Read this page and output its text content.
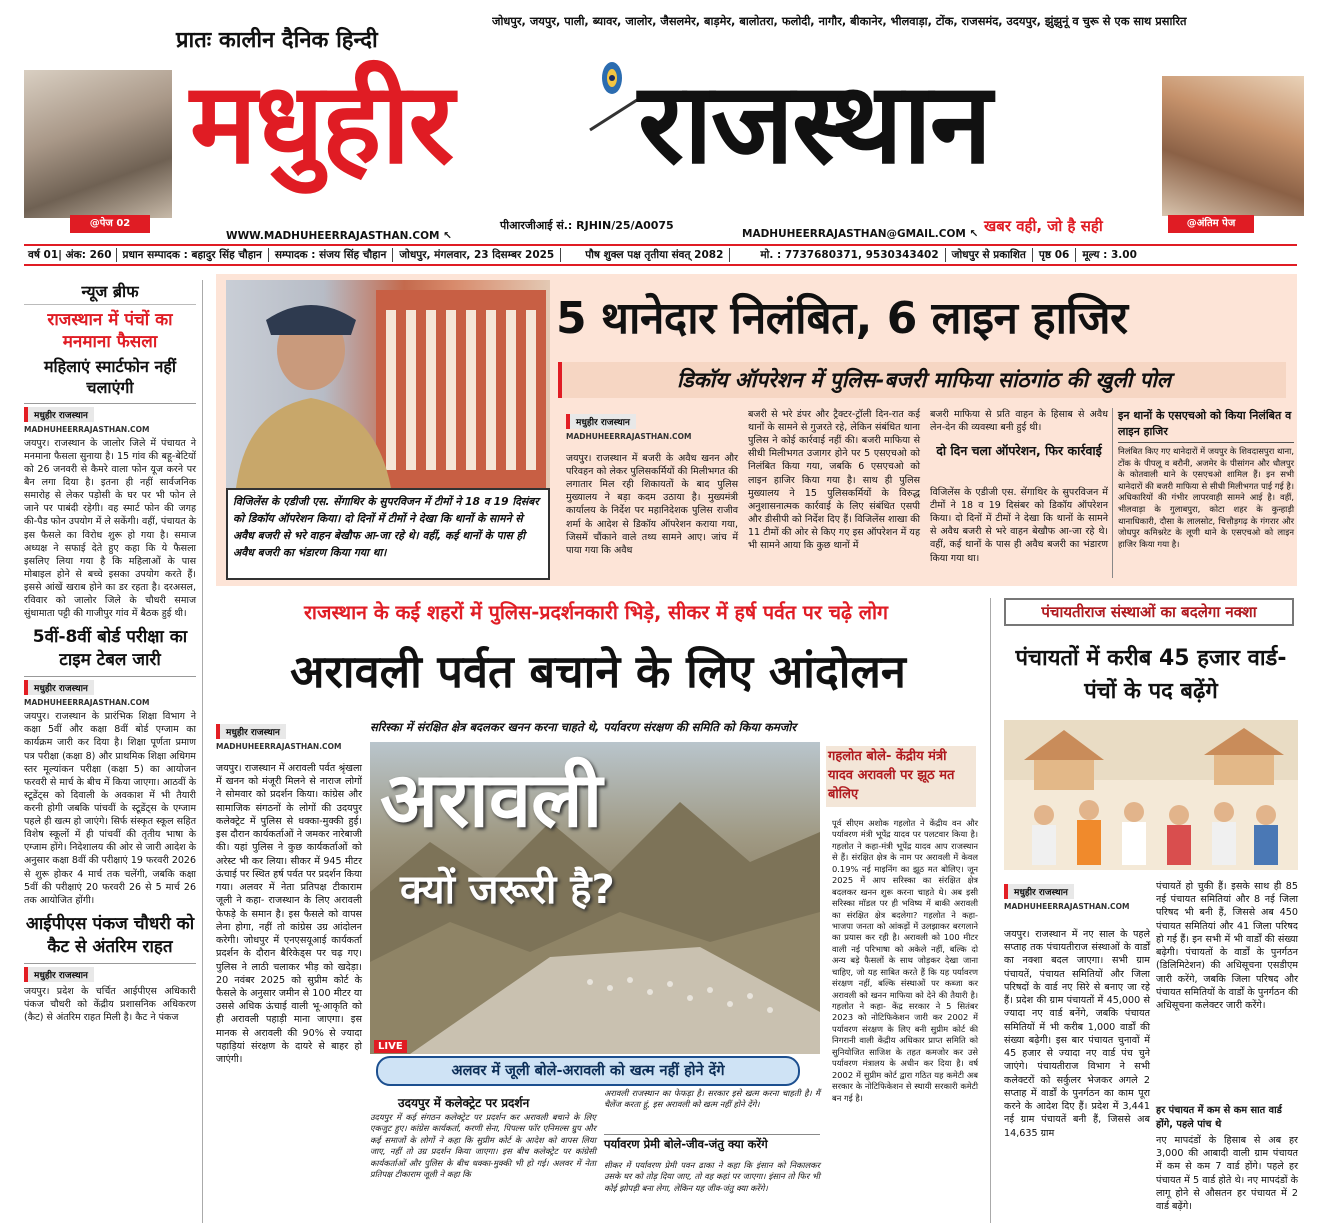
@पेज 02
प्रातः कालीन दैनिक हिन्दी
मधुहीर राजस्थान
जोधपुर, जयपुर, पाली, ब्यावर, जालोर, जैसलमेर, बाड़मेर, बालोतरा, फलोदी, नागौर, बीकानेर, भीलवाड़ा, टोंक, राजसमंद, उदयपुर, झुंझुनूं व चुरू से एक साथ प्रसारित
@अंतिम पेज
पीआरजीआई सं.: RJHIN/25/A0075
WWW.MADHUHEERRAJASTHAN.COM ↖	MADHUHEERRAJASTHAN@GMAIL.COM ↖ खबर वही, जो है सही
वर्ष 01| अंक: 260	प्रधान सम्पादक : बहादुर सिंह चौहान	सम्पादक : संजय सिंह चौहान	जोधपुर, मंगलवार, 23 दिसम्बर 2025	पौष शुक्ल पक्ष तृतीया संवत् 2082	मो. : 7737680371, 9530343402	जोधपुर से प्रकाशित	पृष्ठ 06	मूल्य : 3.00
न्यूज ब्रीफ
राजस्थान में पंचों का मनमाना फैसला
महिलाएं स्मार्टफोन नहीं चलाएंगी
मधुहीर राजस्थान
MADHUHEERRAJASTHAN.COM
जयपुर। राजस्थान के जालोर जिले में पंचायत ने मनमाना फैसला सुनाया है। 15 गांव की बहू-बेटियों को 26 जनवरी से कैमरे वाला फोन यूज करने पर बैन लगा दिया है। इतना ही नहीं सार्वजनिक समारोह से लेकर पड़ोसी के घर पर भी फोन ले जाने पर पाबंदी रहेगी। वह स्मार्ट फोन की जगह की-पैड फोन उपयोग में ले सकेंगी। वहीं, पंचायत के इस फैसले का विरोध शुरू हो गया है। समाज अध्यक्ष ने सफाई देते हुए कहा कि ये फैसला इसलिए लिया गया है कि महिलाओं के पास मोबाइल होने से बच्चे इसका उपयोग करते हैं। इससे आंखें खराब होने का डर रहता है। दरअसल, रविवार को जालोर जिले के चौधरी समाज सुंधामाता पट्टी की गाजीपुर गांव में बैठक हुई थी।
5वीं-8वीं बोर्ड परीक्षा का टाइम टेबल जारी
मधुहीर राजस्थान
MADHUHEERRAJASTHAN.COM
जयपुर। राजस्थान के प्रारंभिक शिक्षा विभाग ने कक्षा 5वीं और कक्षा 8वीं बोर्ड एग्जाम का कार्यक्रम जारी कर दिया है। शिक्षा पूर्णता प्रमाण पत्र परीक्षा (कक्षा 8) और प्राथमिक शिक्षा अधिगम स्तर मूल्यांकन परीक्षा (कक्षा 5) का आयोजन फरवरी से मार्च के बीच में किया जाएगा। आठवीं के स्टूडेंट्स को दिवाली के अवकाश में भी तैयारी करनी होगी जबकि पांचवीं के स्टूडेंट्स के एग्जाम पहले ही खत्म हो जाएंगे। सिर्फ संस्कृत स्कूल सहित विशेष स्कूलों में ही पांचवीं की तृतीय भाषा के एग्जाम होंगे। निदेशालय की ओर से जारी आदेश के अनुसार कक्षा 8वीं की परीक्षाएं 19 फरवरी 2026 से शुरू होकर 4 मार्च तक चलेंगी, जबकि कक्षा 5वीं की परीक्षाएं 20 फरवरी 26 से 5 मार्च 26 तक आयोजित होंगी।
आईपीएस पंकज चौधरी को कैट से अंतरिम राहत
मधुहीर राजस्थान
जयपुर। प्रदेश के चर्चित आईपीएस अधिकारी पंकज चौधरी को केंद्रीय प्रशासनिक अधिकरण (कैट) से अंतरिम राहत मिली है। कैट ने पंकज
5 थानेदार निलंबित, 6 लाइन हाजिर
डिकॉय ऑपरेशन में पुलिस-बजरी माफिया सांठगांठ की खुली पोल
विजिलेंस के एडीजी एस. सेंगाथिर के सुपरविजन में टीमों ने 18 व 19 दिसंबर को डिकॉय ऑपरेशन किया। दो दिनों में टीमों ने देखा कि थानों के सामने से अवैध बजरी से भरे वाहन बेखौफ आ-जा रहे थे। वहीं, कई थानों के पास ही अवैध बजरी का भंडारण किया गया था।
मधुहीर राजस्थान
MADHUHEERRAJASTHAN.COM
जयपुर। राजस्थान में बजरी के अवैध खनन और परिवहन को लेकर पुलिसकर्मियों की मिलीभगत की लगातार मिल रही शिकायतों के बाद पुलिस मुख्यालय ने बड़ा कदम उठाया है। मुख्यमंत्री कार्यालय के निर्देश पर महानिदेशक पुलिस राजीव शर्मा के आदेश से डिकॉय ऑपरेशन कराया गया, जिसमें चौंकाने वाले तथ्य सामने आए। जांच में पाया गया कि अवैध
बजरी से भरे डंपर और ट्रैक्टर-ट्रॉली दिन-रात कई थानों के सामने से गुजरते रहे, लेकिन संबंधित थाना पुलिस ने कोई कार्रवाई नहीं की। बजरी माफिया से सीधी मिलीभगत उजागर होने पर 5 एसएचओ को निलंबित किया गया, जबकि 6 एसएचओ को लाइन हाजिर किया गया है। साथ ही पुलिस मुख्यालय ने 15 पुलिसकर्मियों के विरुद्ध अनुशासनात्मक कार्रवाई के लिए संबंधित एसपी और डीसीपी को निर्देश दिए हैं। विजिलेंस शाखा की 11 टीमों की ओर से किए गए इस ऑपरेशन में यह भी सामने आया कि कुछ थानों में
बजरी माफिया से प्रति वाहन के हिसाब से अवैध लेन-देन की व्यवस्था बनी हुई थी।
दो दिन चला ऑपरेशन, फिर कार्रवाई
विजिलेंस के एडीजी एस. सेंगाथिर के सुपरविजन में टीमों ने 18 व 19 दिसंबर को डिकॉय ऑपरेशन किया। दो दिनों में टीमों ने देखा कि थानों के सामने से अवैध बजरी से भरे वाहन बेखौफ आ-जा रहे थे। वहीं, कई थानों के पास ही अवैध बजरी का भंडारण किया गया था।
इन थानों के एसएचओ को किया निलंबित व लाइन हाजिर
निलंबित किए गए थानेदारों में जयपुर के शिवदासपुरा थाना, टोंक के पीपलू व बरौनी, अजमेर के पीसांगन और धौलपुर के कोतवाली थाने के एसएचओ शामिल हैं। इन सभी थानेदारों की बजरी माफिया से सीधी मिलीभगत पाई गई है। अधिकारियों की गंभीर लापरवाही सामने आई है। वहीं, भीलवाड़ा के गुलाबपुरा, कोटा शहर के कुन्हाड़ी थानाधिकारी, दौसा के लालसोट, चित्तौड़गढ़ के गंगरार और जोधपुर कमिश्नरेट के लूणी थाने के एसएचओ को लाइन हाजिर किया गया है।
राजस्थान के कई शहरों में पुलिस-प्रदर्शनकारी भिड़े, सीकर में हर्ष पर्वत पर चढ़े लोग
अरावली पर्वत बचाने के लिए आंदोलन
मधुहीर राजस्थान
MADHUHEERRAJASTHAN.COM
जयपुर। राजस्थान में अरावली पर्वत श्रृंखला में खनन को मंजूरी मिलने से नाराज लोगों ने सोमवार को प्रदर्शन किया। कांग्रेस और सामाजिक संगठनों के लोगों की उदयपुर कलेक्ट्रेट में पुलिस से धक्का-मुक्की हुई। इस दौरान कार्यकर्ताओं ने जमकर नारेबाजी की। यहां पुलिस ने कुछ कार्यकर्ताओं को अरेस्ट भी कर लिया। सीकर में 945 मीटर ऊंचाई पर स्थित हर्ष पर्वत पर प्रदर्शन किया गया। अलवर में नेता प्रतिपक्ष टीकाराम जूली ने कहा- राजस्थान के लिए अरावली फेफड़े के समान है। इस फैसले को वापस लेना होगा, नहीं तो कांग्रेस उग्र आंदोलन करेगी। जोधपुर में एनएसयूआई कार्यकर्ता प्रदर्शन के दौरान बैरिकेड्स पर चढ़ गए। पुलिस ने लाठी चलाकर भीड़ को खदेड़ा। 20 नवंबर 2025 को सुप्रीम कोर्ट के फैसले के अनुसार जमीन से 100 मीटर या उससे अधिक ऊंचाई वाली भू-आकृति को ही अरावली पहाड़ी माना जाएगा। इस मानक से अरावली की 90% से ज्यादा पहाड़ियां संरक्षण के दायरे से बाहर हो जाएंगी।
सरिस्का में संरक्षित क्षेत्र बदलकर खनन करना चाहते थे, पर्यावरण संरक्षण की समिति को किया कमजोर
अरावली
क्यों जरूरी है?
LIVE
गहलोत बोले- केंद्रीय मंत्री यादव अरावली पर झूठ मत बोलिए
पूर्व सीएम अशोक गहलोत ने केंद्रीय वन और पर्यावरण मंत्री भूपेंद्र यादव पर पलटवार किया है। गहलोत ने कहा-मंत्री भूपेंद्र यादव आप राजस्थान से हैं। संरक्षित क्षेत्र के नाम पर अरावली में केवल 0.19% नई माइनिंग का झूठ मत बोलिए। जून 2025 में आप सरिस्का का संरक्षित क्षेत्र बदलकर खनन शुरू करना चाहते थे। अब इसी सरिस्का मॉडल पर ही भविष्य में बाकी अरावली का संरक्षित क्षेत्र बदलेगा? गहलोत ने कहा- भाजपा जनता को आंकड़ों में उलझाकर बरगलाने का प्रयास कर रही है। अरावली को 100 मीटर वाली नई परिभाषा को अकेले नहीं, बल्कि दो अन्य बड़े फैसलों के साथ जोड़कर देखा जाना चाहिए, जो यह साबित करते हैं कि यह पर्यावरण संरक्षण नहीं, बल्कि संस्थाओं पर कब्जा कर अरावली को खनन माफिया को देने की तैयारी है। गहलोत ने कहा- केंद्र सरकार ने 5 सितंबर 2023 को नोटिफिकेशन जारी कर 2002 में पर्यावरण संरक्षण के लिए बनी सुप्रीम कोर्ट की निगरानी वाली केंद्रीय अधिकार प्राप्त समिति को सुनियोजित साजिश के तहत कमजोर कर उसे पर्यावरण मंत्रालय के अधीन कर दिया है। वर्ष 2002 में सुप्रीम कोर्ट द्वारा गठित यह कमेटी अब सरकार के नोटिफिकेशन से स्थायी सरकारी कमेटी बन गई है।
अलवर में जूली बोले-अरावली को खत्म नहीं होने देंगे
उदयपुर में कलेक्ट्रेट पर प्रदर्शन
उदयपुर में कई संगठन कलेक्ट्रेट पर प्रदर्शन कर अरावली बचाने के लिए एकजुट हुए। कांग्रेस कार्यकर्ता, करणी सेना, पिपल्स फॉर एनिमल्स ग्रुप और कई समाजों के लोगों ने कहा कि सुप्रीम कोर्ट के आदेश को वापस लिया जाए, नहीं तो उग्र प्रदर्शन किया जाएगा। इस बीच कलेक्ट्रेट पर कांग्रेसी कार्यकर्ताओं और पुलिस के बीच धक्का-मुक्की भी हो गई। अलवर में नेता प्रतिपक्ष टीकाराम जूली ने कहा कि
अरावली राजस्थान का फेफड़ा है। सरकार इसे खत्म करना चाहती है। मैं चैलेंज करता हूं, इस अरावली को खत्म नहीं होने देंगे।
पर्यावरण प्रेमी बोले-जीव-जंतु क्या करेंगे
सीकर में पर्यावरण प्रेमी पवन ढाका ने कहा कि इंसान को निकालकर उसके घर को तोड़ दिया जाए, तो वह कहां पर जाएगा। इंसान तो फिर भी कोई झोपड़ी बना लेगा, लेकिन यह जीव-जंतु क्या करेंगे।
पंचायतीराज संस्थाओं का बदलेगा नक्शा
पंचायतों में करीब 45 हजार वार्ड-पंचों के पद बढ़ेंगे
मधुहीर राजस्थान
MADHUHEERRAJASTHAN.COM
जयपुर। राजस्थान में नए साल के पहले सप्ताह तक पंचायतीराज संस्थाओं के वार्डों का नक्शा बदल जाएगा। सभी ग्राम पंचायतें, पंचायत समितियों और जिला परिषदों के वार्ड नए सिरे से बनाए जा रहे हैं। प्रदेश की ग्राम पंचायतों में 45,000 से ज्यादा नए वार्ड बनेंगे, जबकि पंचायत समितियों में भी करीब 1,000 वार्डों की संख्या बढ़ेगी। इस बार पंचायत चुनावों में 45 हजार से ज्यादा नए वार्ड पंच चुने जाएंगे। पंचायतीराज विभाग ने सभी कलेक्टरों को सर्कुलर भेजकर अगले 2 सप्ताह में वार्डों के पुनर्गठन का काम पूरा करने के आदेश दिए हैं। प्रदेश में 3,441 नई ग्राम पंचायतें बनी हैं, जिससे अब 14,635 ग्राम
पंचायतें हो चुकी हैं। इसके साथ ही 85 नई पंचायत समितियां और 8 नई जिला परिषद भी बनी हैं, जिससे अब 450 पंचायत समितियां और 41 जिला परिषद हो गई हैं। इन सभी में भी वार्डों की संख्या बढ़ेगी। पंचायतों के वार्डों के पुनर्गठन (डिलिमिटेशन) की अधिसूचना एसडीएम जारी करेंगे, जबकि जिला परिषद और पंचायत समितियों के वार्डों के पुनर्गठन की अधिसूचना कलेक्टर जारी करेंगे।
हर पंचायत में कम से कम सात वार्ड होंगे, पहले पांच थे
नए मापदंडों के हिसाब से अब हर 3,000 की आबादी वाली ग्राम पंचायत में कम से कम 7 वार्ड होंगे। पहले हर पंचायत में 5 वार्ड होते थे। नए मापदंडों के लागू होने से औसतन हर पंचायत में 2 वार्ड बढ़ेंगे।
